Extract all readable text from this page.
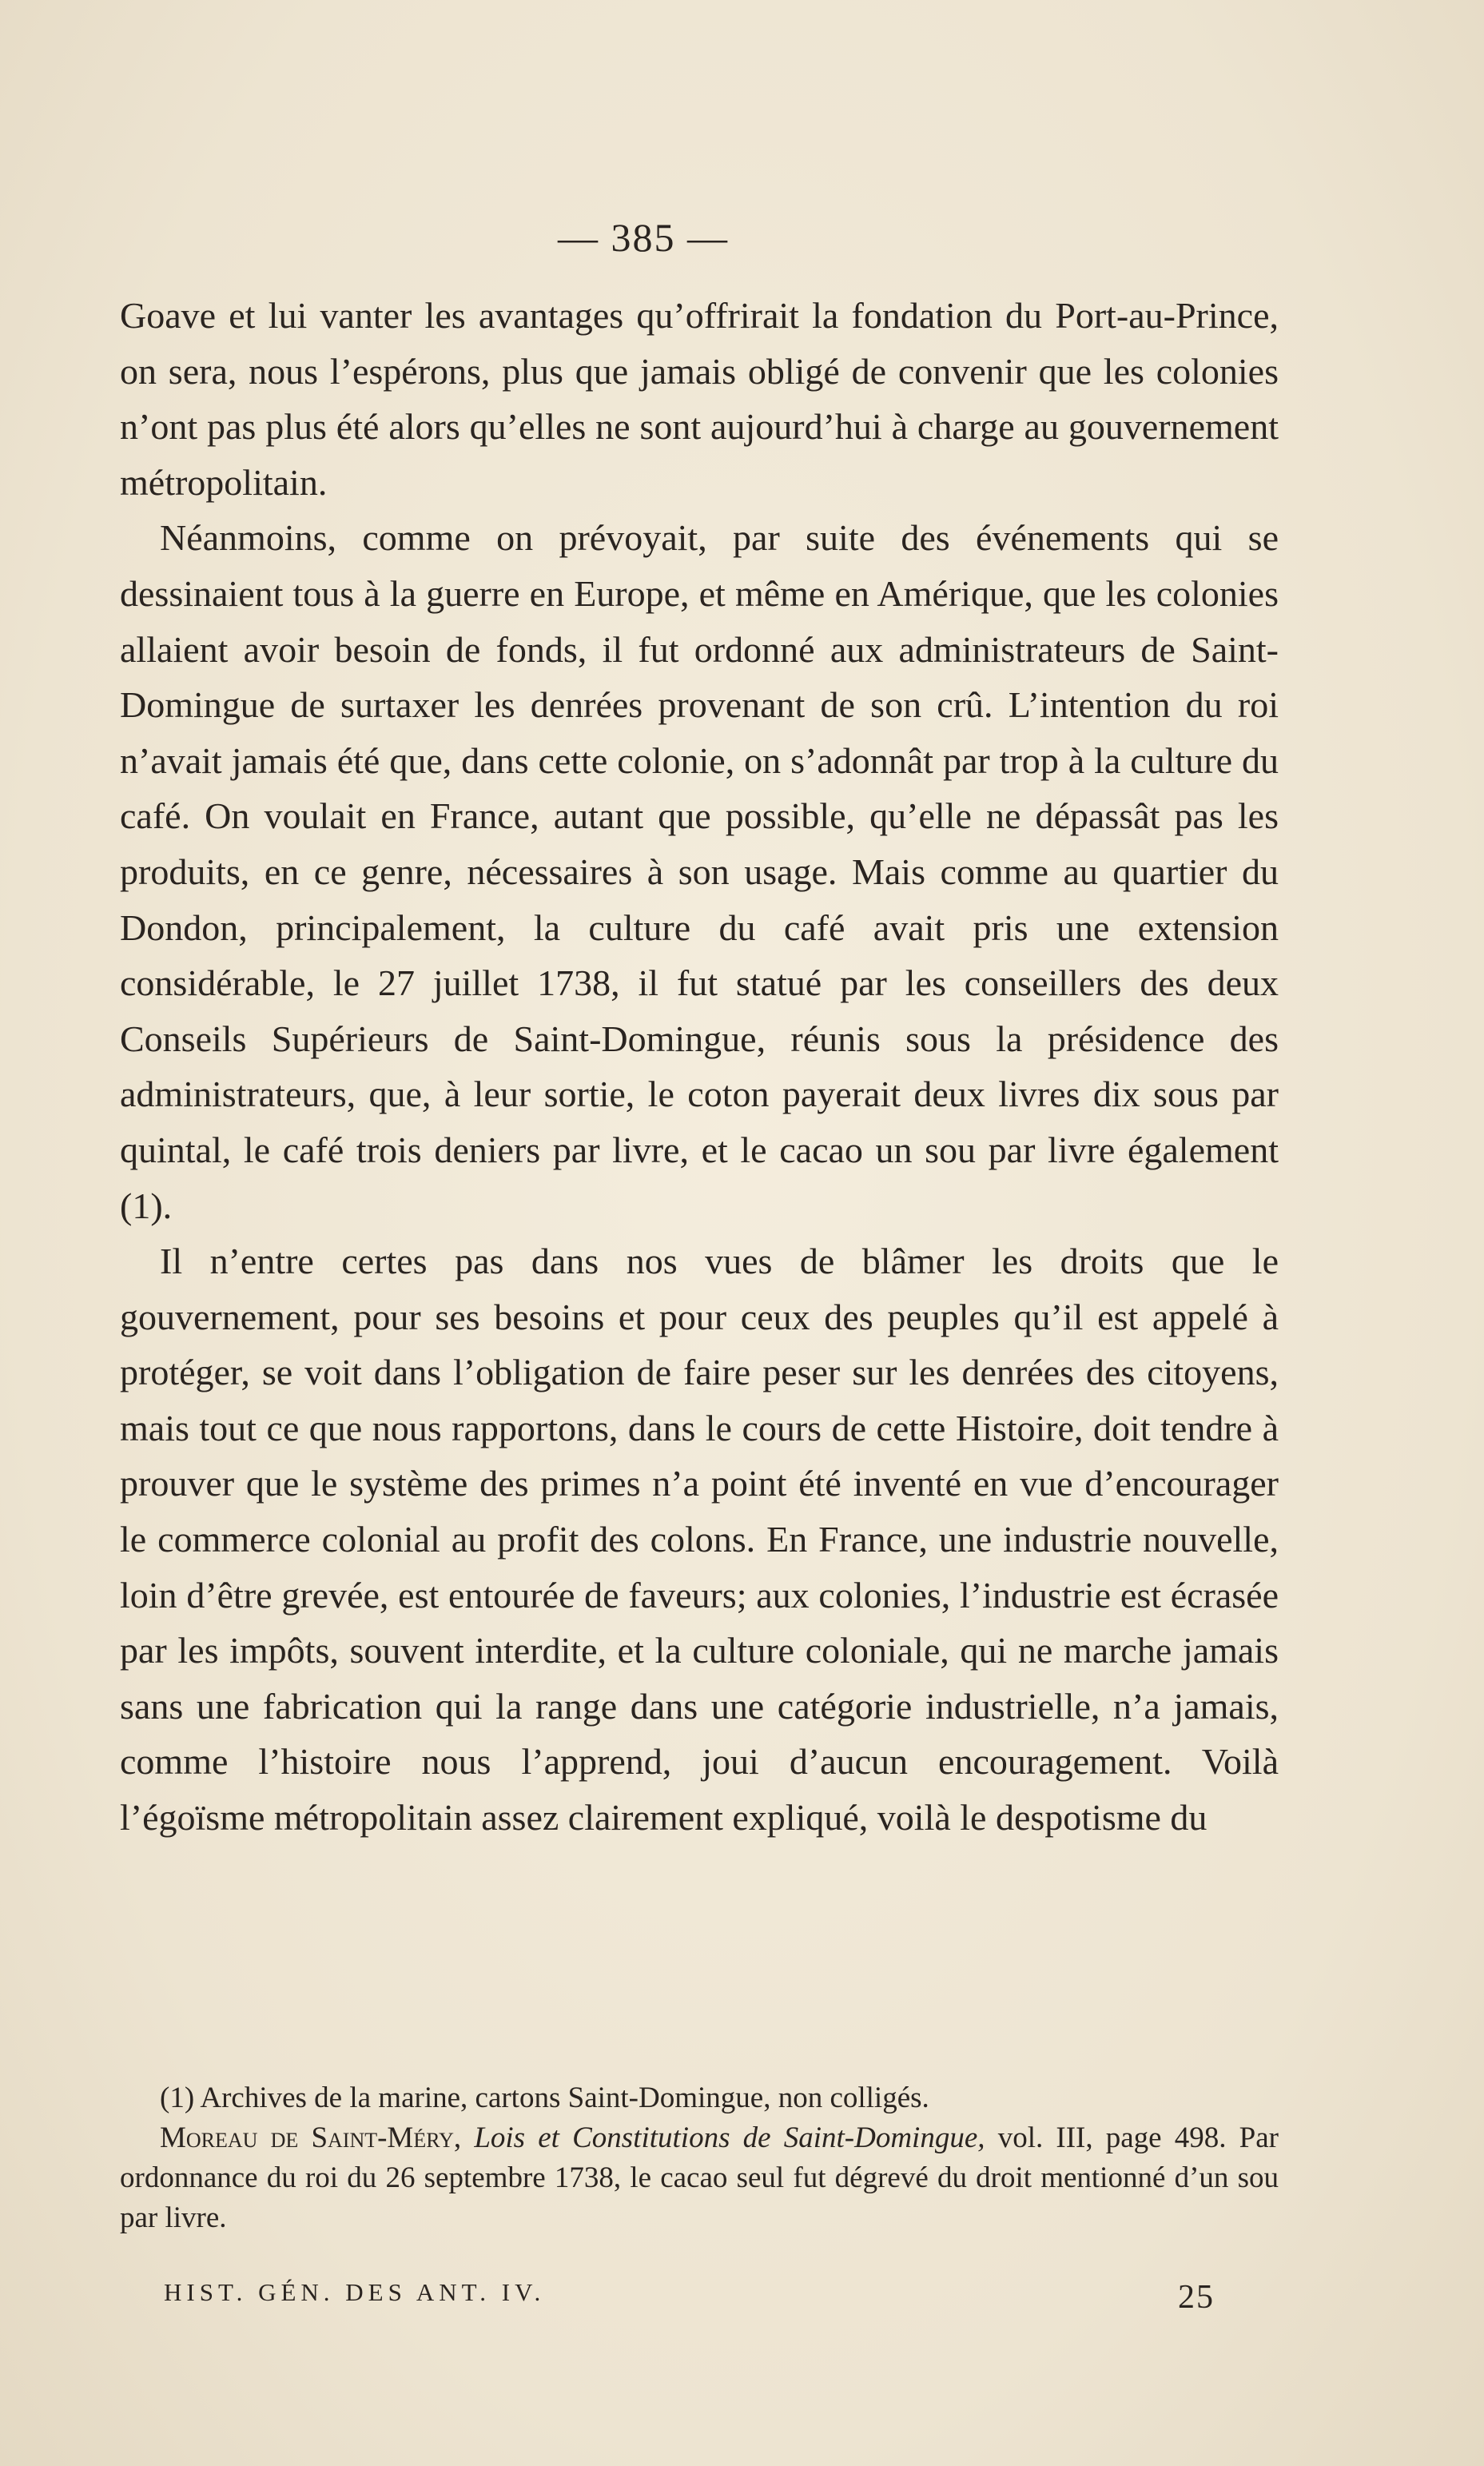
— 385 —

Goave et lui vanter les avantages qu’offrirait la fondation du Port-au-Prince, on sera, nous l’espérons, plus que jamais obligé de convenir que les colonies n’ont pas plus été alors qu’elles ne sont aujourd’hui à charge au gouvernement métropolitain.

Néanmoins, comme on prévoyait, par suite des événements qui se dessinaient tous à la guerre en Europe, et même en Amérique, que les colonies allaient avoir besoin de fonds, il fut ordonné aux administrateurs de Saint-Domingue de surtaxer les denrées provenant de son crû. L’intention du roi n’avait jamais été que, dans cette colonie, on s’adonnât par trop à la culture du café. On voulait en France, autant que possible, qu’elle ne dépassât pas les produits, en ce genre, nécessaires à son usage. Mais comme au quartier du Dondon, principalement, la culture du café avait pris une extension considérable, le 27 juillet 1738, il fut statué par les conseillers des deux Conseils Supérieurs de Saint-Domingue, réunis sous la présidence des administrateurs, que, à leur sortie, le coton payerait deux livres dix sous par quintal, le café trois deniers par livre, et le cacao un sou par livre également (1).

Il n’entre certes pas dans nos vues de blâmer les droits que le gouvernement, pour ses besoins et pour ceux des peuples qu’il est appelé à protéger, se voit dans l’obligation de faire peser sur les denrées des citoyens, mais tout ce que nous rapportons, dans le cours de cette Histoire, doit tendre à prouver que le système des primes n’a point été inventé en vue d’encourager le commerce colonial au profit des colons. En France, une industrie nouvelle, loin d’être grevée, est entourée de faveurs; aux colonies, l’industrie est écrasée par les impôts, souvent interdite, et la culture coloniale, qui ne marche jamais sans une fabrication qui la range dans une catégorie industrielle, n’a jamais, comme l’histoire nous l’apprend, joui d’aucun encouragement. Voilà l’égoïsme métropolitain assez clairement expliqué, voilà le despotisme du

(1) Archives de la marine, cartons Saint-Domingue, non colligés.

Moreau de Saint-Méry, Lois et Constitutions de Saint-Domingue, vol. III, page 498. Par ordonnance du roi du 26 septembre 1738, le cacao seul fut dégrevé du droit mentionné d’un sou par livre.

HIST. GÉN. DES ANT. IV.	25
